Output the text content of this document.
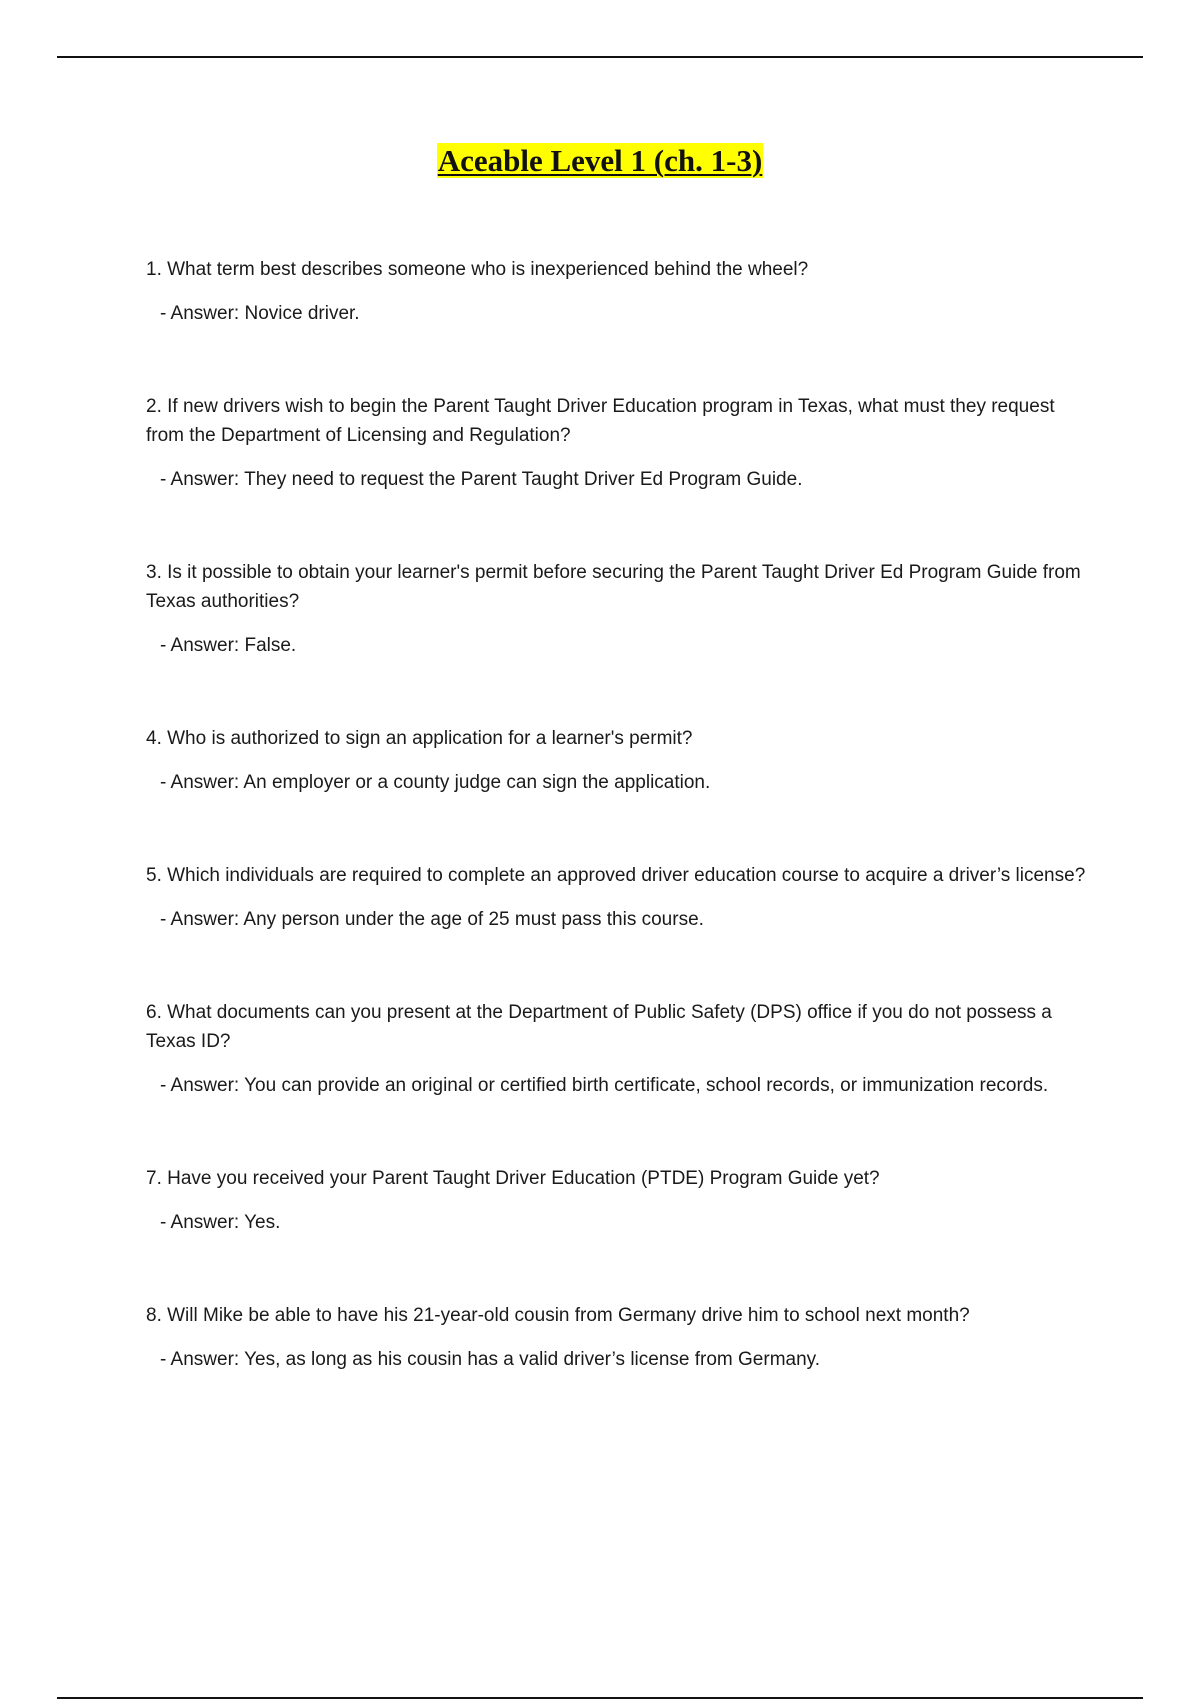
Aceable Level 1 (ch. 1-3)

1. What term best describes someone who is inexperienced behind the wheel?

- Answer: Novice driver.

2. If new drivers wish to begin the Parent Taught Driver Education program in Texas, what must they request from the Department of Licensing and Regulation?

- Answer: They need to request the Parent Taught Driver Ed Program Guide.

3. Is it possible to obtain your learner's permit before securing the Parent Taught Driver Ed Program Guide from Texas authorities?

- Answer: False.

4. Who is authorized to sign an application for a learner's permit?

- Answer: An employer or a county judge can sign the application.

5. Which individuals are required to complete an approved driver education course to acquire a driver’s license?

- Answer: Any person under the age of 25 must pass this course.

6. What documents can you present at the Department of Public Safety (DPS) office if you do not possess a Texas ID?

- Answer: You can provide an original or certified birth certificate, school records, or immunization records.

7. Have you received your Parent Taught Driver Education (PTDE) Program Guide yet?

- Answer: Yes.

8. Will Mike be able to have his 21-year-old cousin from Germany drive him to school next month?

- Answer: Yes, as long as his cousin has a valid driver’s license from Germany.
